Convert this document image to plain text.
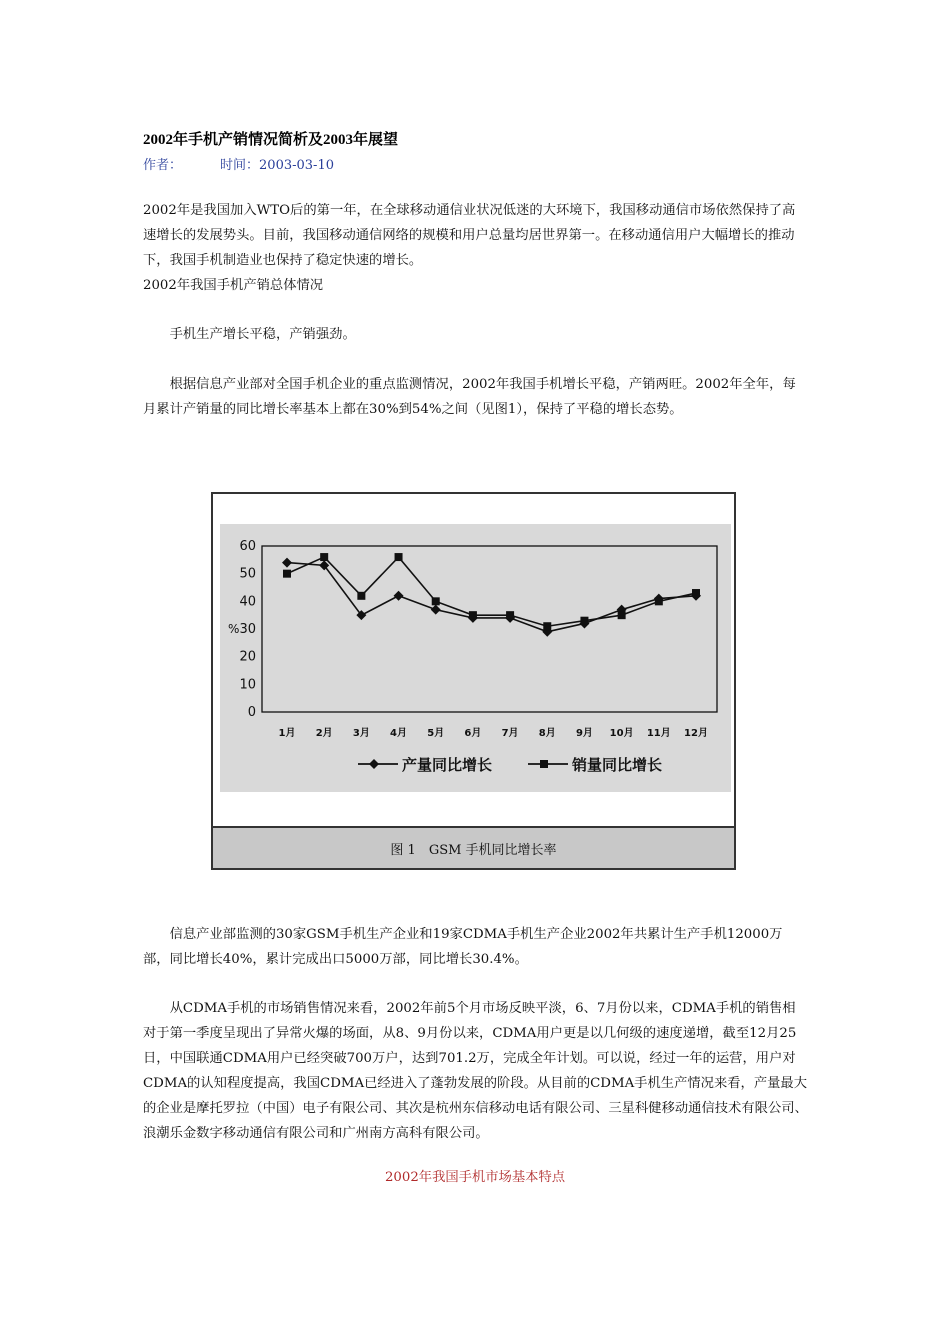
2002年手机产销情况简析及2003年展望
作者：	时间：2003-03-10

2002年是我国加入WTO后的第一年，在全球移动通信业状况低迷的大环境下，我国移动通信市场依然保持了高速增长的发展势头。目前，我国移动通信网络的规模和用户总量均居世界第一。在移动通信用户大幅增长的推动下，我国手机制造业也保持了稳定快速的增长。

2002年我国手机产销总体情况

手机生产增长平稳，产销强劲。

根据信息产业部对全国手机企业的重点监测情况，2002年我国手机增长平稳，产销两旺。2002年全年，每月累计产销量的同比增长率基本上都在30%到54%之间（见图1），保持了平稳的增长态势。

0
10
20
30
40
50
60
%
1月 2月 3月 4月 5月 6月 7月 8月 9月 10月 11月 12月
产量同比增长	销量同比增长
图 1　GSM 手机同比增长率

信息产业部监测的30家GSM手机生产企业和19家CDMA手机生产企业2002年共累计生产手机12000万部，同比增长40%，累计完成出口5000万部，同比增长30.4%。

从CDMA手机的市场销售情况来看，2002年前5个月市场反映平淡，6、7月份以来，CDMA手机的销售相对于第一季度呈现出了异常火爆的场面，从8、9月份以来，CDMA用户更是以几何级的速度递增，截至12月25日，中国联通CDMA用户已经突破700万户，达到701.2万，完成全年计划。可以说，经过一年的运营，用户对CDMA的认知程度提高，我国CDMA已经进入了蓬勃发展的阶段。从目前的CDMA手机生产情况来看，产量最大的企业是摩托罗拉（中国）电子有限公司、其次是杭州东信移动电话有限公司、三星科健移动通信技术有限公司、浪潮乐金数字移动通信有限公司和广州南方高科有限公司。

2002年我国手机市场基本特点
